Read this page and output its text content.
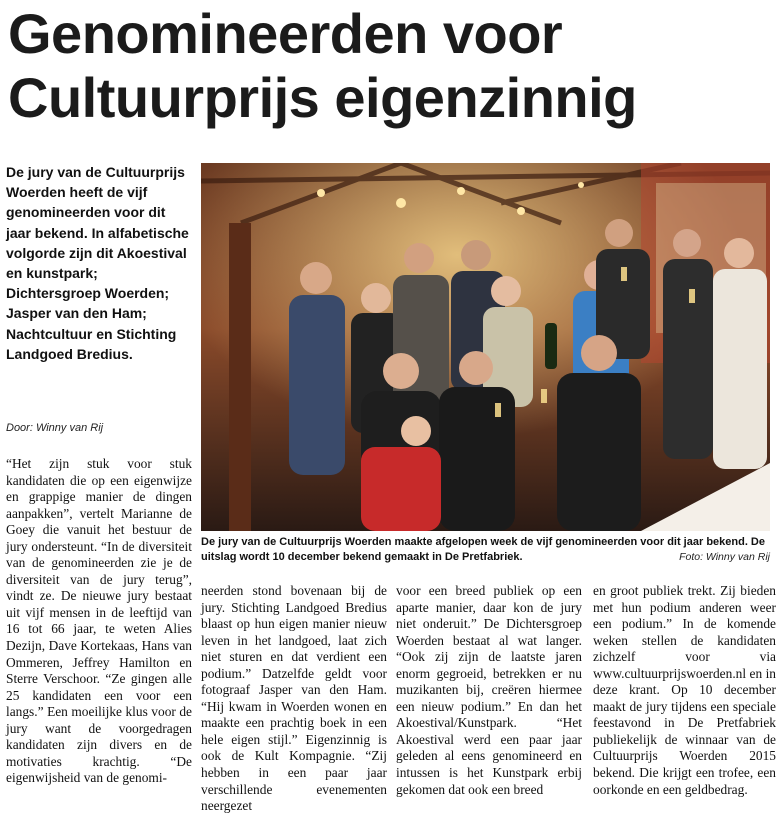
Genomineerden voor
Cultuurprijs eigenzinnig
De jury van de Cultuurprijs Woerden heeft de vijf genomineerden voor dit jaar bekend. In alfabetische volgorde zijn dit Akoestival en kunstpark; Dichtersgroep Woerden; Jasper van den Ham; Nachtcultuur en Stichting Landgoed Bredius.
Door: Winny van Rij
“Het zijn stuk voor stuk kandidaten die op een eigenwijze en grappige manier de dingen aanpakken”, vertelt Marianne de Goey die vanuit het bestuur de jury ondersteunt. “In de diversiteit van de genomineerden zie je de diversiteit van de jury terug”, vindt ze. De nieuwe jury bestaat uit vijf mensen in de leeftijd van 16 tot 66 jaar, te weten Alies Dezijn, Dave Kortekaas, Hans van Ommeren, Jeffrey Hamilton en Sterre Verschoor. “Ze gingen alle 25 kandidaten een voor een langs.” Een moeilijke klus voor de jury want de voorgedragen kandidaten zijn divers en de motivaties krachtig. “De eigenwijsheid van de genomi-
De jury van de Cultuurprijs Woerden maakte afgelopen week de vijf genomineerden voor dit jaar bekend. De uitslag wordt 10 december bekend gemaakt in De Pretfabriek.	Foto: Winny van Rij
neerden stond bovenaan bij de jury. Stichting Landgoed Bredius blaast op hun eigen manier nieuw leven in het landgoed, laat zich niet sturen en dat verdient een podium.” Datzelfde geldt voor fotograaf Jasper van den Ham. “Hij kwam in Woerden wonen en maakte een prachtig boek in een hele eigen stijl.” Eigenzinnig is ook de Kult Kompagnie. “Zij hebben in een paar jaar verschillende evenementen neergezet
voor een breed publiek op een aparte manier, daar kon de jury niet onderuit.” De Dichtersgroep Woerden bestaat al wat langer. “Ook zij zijn de laatste jaren enorm gegroeid, betrekken er nu muzikanten bij, creëren hiermee een nieuw podium.” En dan het Akoestival/Kunstpark. “Het Akoestival werd een paar jaar geleden al eens genomineerd en intussen is het Kunstpark erbij gekomen dat ook een breed
en groot publiek trekt. Zij bieden met hun podium anderen weer een podium.” In de komende weken stellen de kandidaten zichzelf voor via www.cultuurprijswoerden.nl en in deze krant. Op 10 december maakt de jury tijdens een speciale feestavond in De Pretfabriek publiekelijk de winnaar van de Cultuurprijs Woerden 2015 bekend. Die krijgt een trofee, een oorkonde en een geldbedrag.
